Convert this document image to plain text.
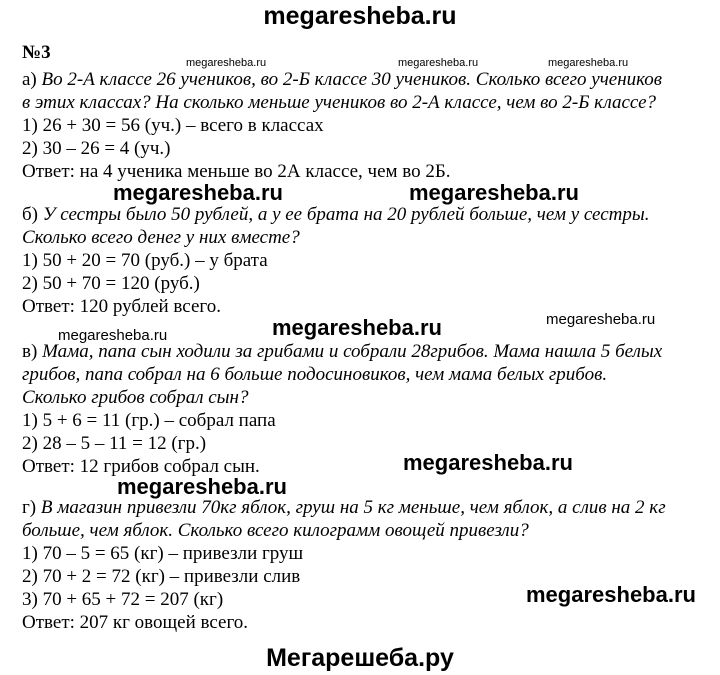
megaresheba.ru
№3	megaresheba.ru	megaresheba.ru	megaresheba.ru
а) Во 2-А классе 26 учеников, во 2-Б классе 30 учеников. Сколько всего учеников
в этих классах? На сколько меньше учеников во 2-А классе, чем во 2-Б классе?
1) 26 + 30 = 56 (уч.) – всего в классах
2) 30 – 26 = 4 (уч.)
Ответ: на 4 ученика меньше во 2А классе, чем во 2Б.
megaresheba.ru	megaresheba.ru
б) У сестры было 50 рублей, а у ее брата на 20 рублей больше, чем у сестры.
Сколько всего денег у них вместе?
1) 50 + 20 = 70 (руб.) – у брата
2) 50 + 70 = 120 (руб.)
Ответ: 120 рублей всего.
megaresheba.ru	megaresheba.ru
megaresheba.ru
в) Мама, папа сын ходили за грибами и собрали 28грибов. Мама нашла 5 белых
грибов, папа собрал на 6 больше подосиновиков, чем мама белых грибов.
Сколько грибов собрал сын?
1) 5 + 6 = 11 (гр.) – собрал папа
2) 28 – 5 – 11 = 12 (гр.)
Ответ: 12 грибов собрал сын.	megaresheba.ru
megaresheba.ru
г) В магазин привезли 70кг яблок, груш на 5 кг меньше, чем яблок, а слив на 2 кг
больше, чем яблок. Сколько всего килограмм овощей привезли?
1) 70 – 5 = 65 (кг) – привезли груш
2) 70 + 2 = 72 (кг) – привезли слив
3) 70 + 65 + 72 = 207 (кг)
Ответ: 207 кг овощей всего.
megaresheba.ru
Мегарешеба.ру
